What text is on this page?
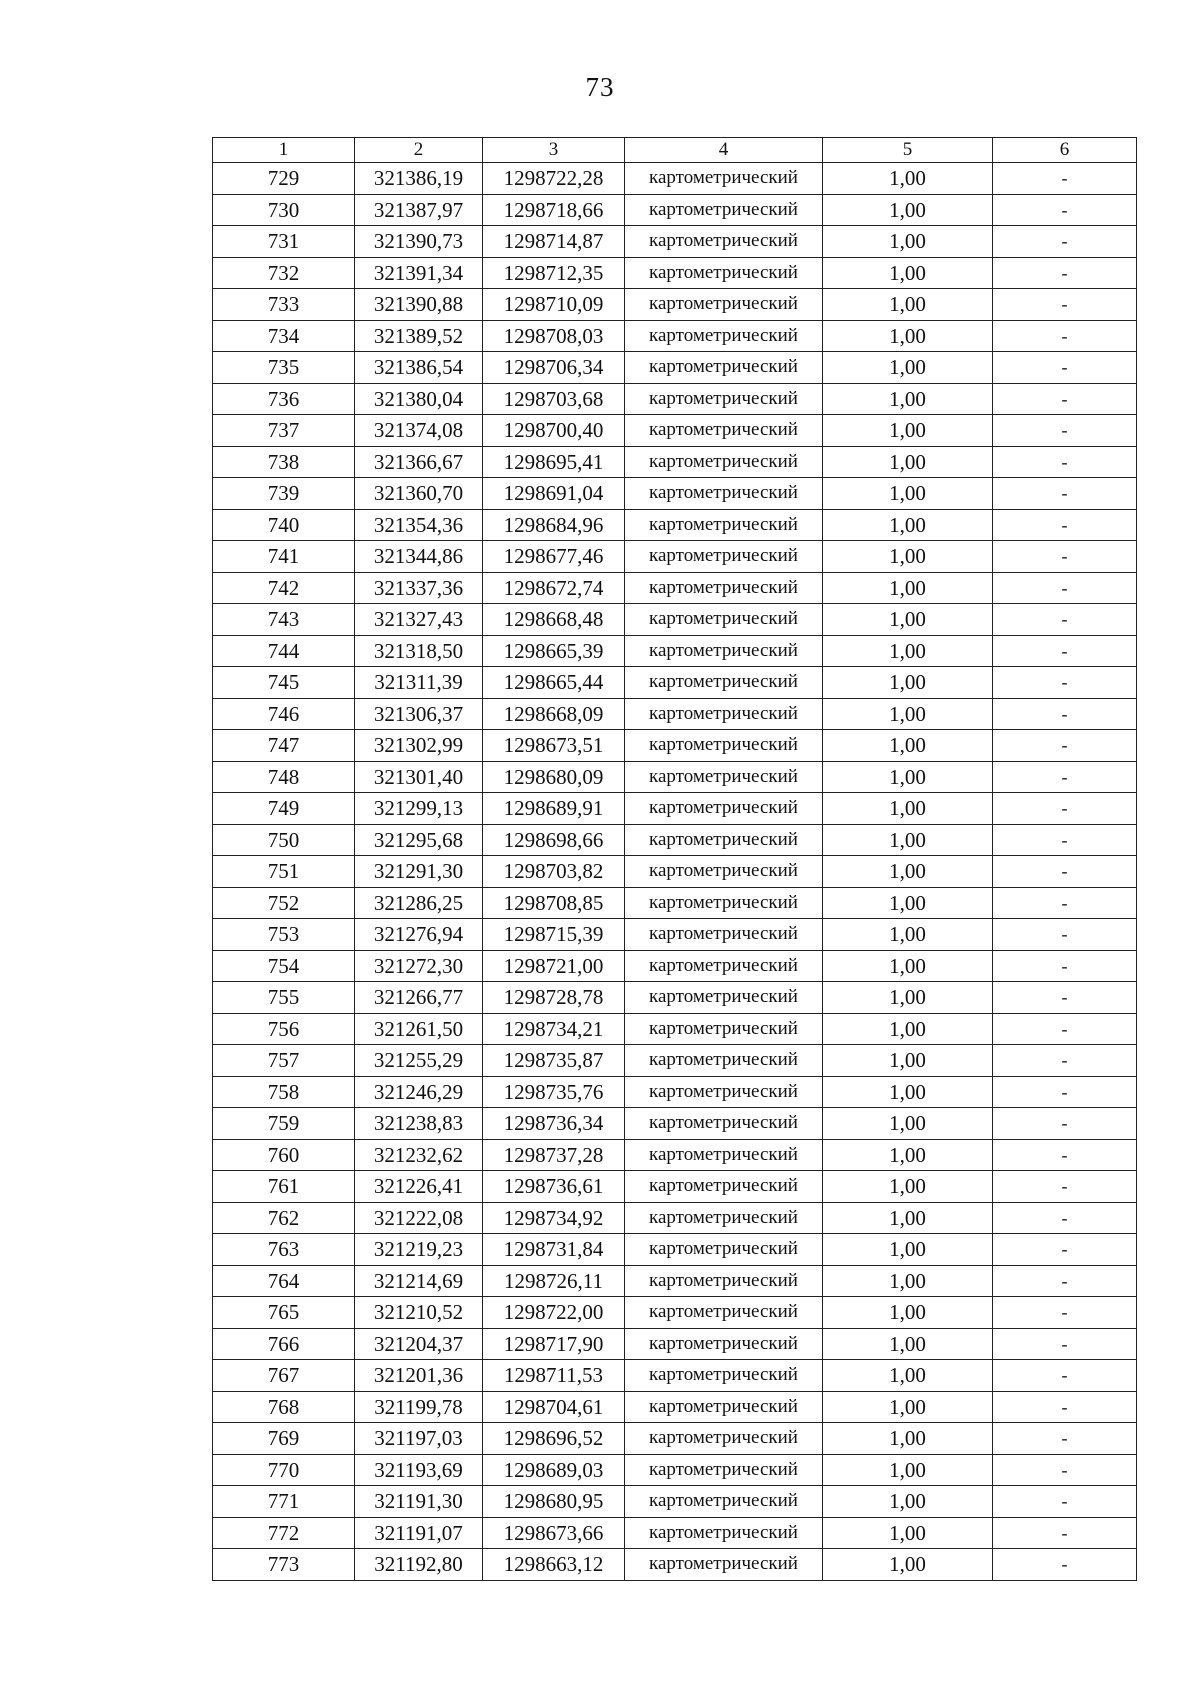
73
1	2	3	4	5	6
729	321386,19	1298722,28	картометрический	1,00	-
730	321387,97	1298718,66	картометрический	1,00	-
731	321390,73	1298714,87	картометрический	1,00	-
732	321391,34	1298712,35	картометрический	1,00	-
733	321390,88	1298710,09	картометрический	1,00	-
734	321389,52	1298708,03	картометрический	1,00	-
735	321386,54	1298706,34	картометрический	1,00	-
736	321380,04	1298703,68	картометрический	1,00	-
737	321374,08	1298700,40	картометрический	1,00	-
738	321366,67	1298695,41	картометрический	1,00	-
739	321360,70	1298691,04	картометрический	1,00	-
740	321354,36	1298684,96	картометрический	1,00	-
741	321344,86	1298677,46	картометрический	1,00	-
742	321337,36	1298672,74	картометрический	1,00	-
743	321327,43	1298668,48	картометрический	1,00	-
744	321318,50	1298665,39	картометрический	1,00	-
745	321311,39	1298665,44	картометрический	1,00	-
746	321306,37	1298668,09	картометрический	1,00	-
747	321302,99	1298673,51	картометрический	1,00	-
748	321301,40	1298680,09	картометрический	1,00	-
749	321299,13	1298689,91	картометрический	1,00	-
750	321295,68	1298698,66	картометрический	1,00	-
751	321291,30	1298703,82	картометрический	1,00	-
752	321286,25	1298708,85	картометрический	1,00	-
753	321276,94	1298715,39	картометрический	1,00	-
754	321272,30	1298721,00	картометрический	1,00	-
755	321266,77	1298728,78	картометрический	1,00	-
756	321261,50	1298734,21	картометрический	1,00	-
757	321255,29	1298735,87	картометрический	1,00	-
758	321246,29	1298735,76	картометрический	1,00	-
759	321238,83	1298736,34	картометрический	1,00	-
760	321232,62	1298737,28	картометрический	1,00	-
761	321226,41	1298736,61	картометрический	1,00	-
762	321222,08	1298734,92	картометрический	1,00	-
763	321219,23	1298731,84	картометрический	1,00	-
764	321214,69	1298726,11	картометрический	1,00	-
765	321210,52	1298722,00	картометрический	1,00	-
766	321204,37	1298717,90	картометрический	1,00	-
767	321201,36	1298711,53	картометрический	1,00	-
768	321199,78	1298704,61	картометрический	1,00	-
769	321197,03	1298696,52	картометрический	1,00	-
770	321193,69	1298689,03	картометрический	1,00	-
771	321191,30	1298680,95	картометрический	1,00	-
772	321191,07	1298673,66	картометрический	1,00	-
773	321192,80	1298663,12	картометрический	1,00	-
